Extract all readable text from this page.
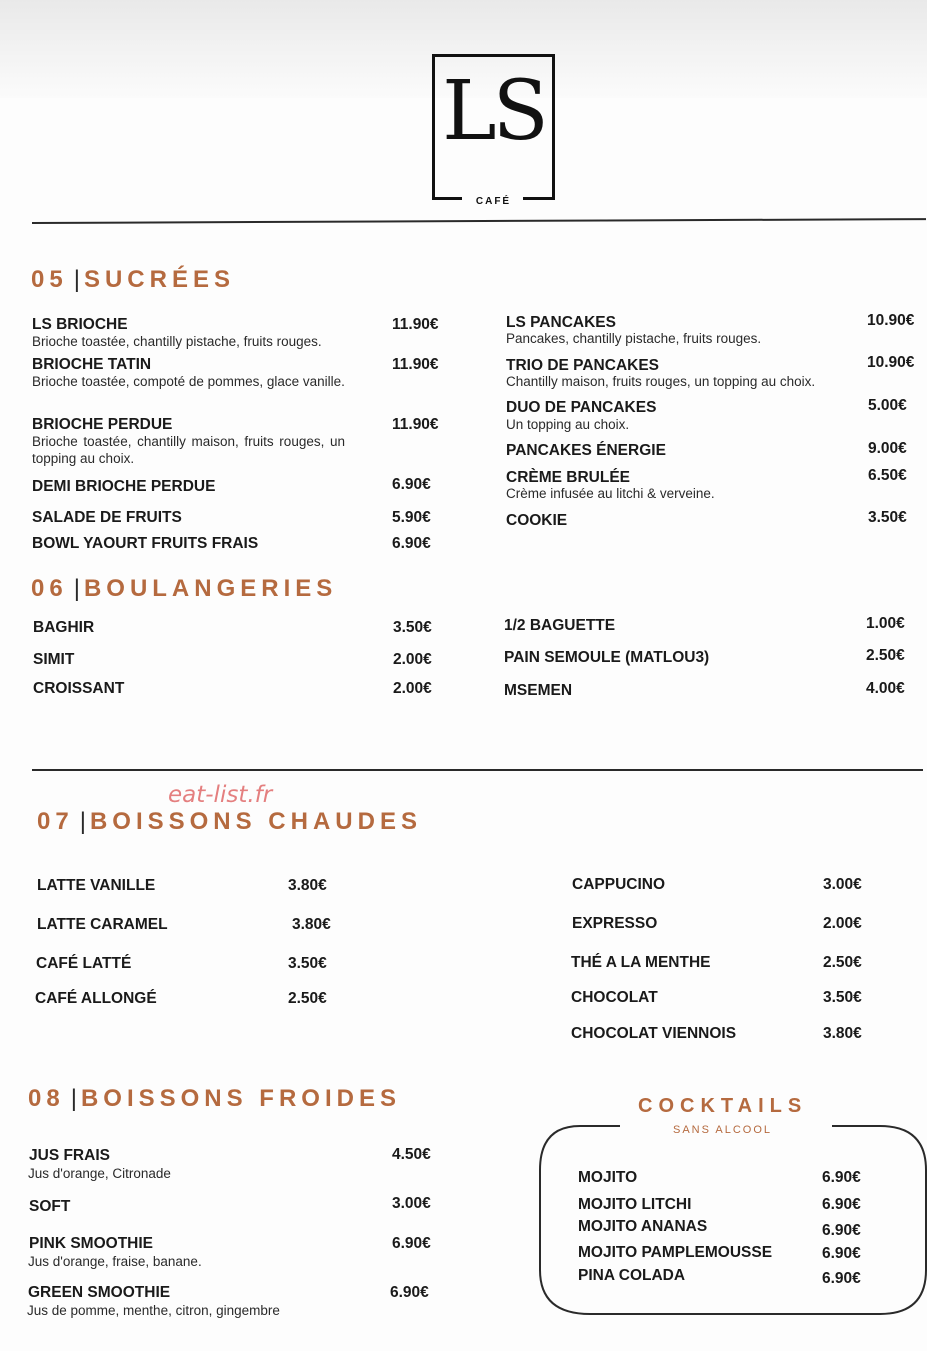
LS
CAFÉ
05 | SUCRÉES
06 | BOULANGERIES
07 | BOISSONS CHAUDES
08 | BOISSONS FROIDES
eat-list.fr
LS BRIOCHE
Brioche toastée, chantilly pistache, fruits rouges.
11.90€
BRIOCHE TATIN
Brioche toastée, compoté de pommes, glace vanille.
11.90€
BRIOCHE PERDUE
Brioche toastée, chantilly maison, fruits rouges, un topping au choix.
11.90€
DEMI BRIOCHE PERDUE	6.90€
SALADE DE FRUITS	5.90€
BOWL YAOURT FRUITS FRAIS	6.90€
LS PANCAKES
Pancakes, chantilly pistache, fruits rouges.
10.90€
TRIO DE PANCAKES
Chantilly maison, fruits rouges, un topping au choix.
10.90€
DUO DE PANCAKES
Un topping au choix.
5.00€
PANCAKES ÉNERGIE	9.00€
CRÈME BRULÉE
Crème infusée au litchi & verveine.
6.50€
COOKIE	3.50€
BAGHIR	3.50€
SIMIT	2.00€
CROISSANT	2.00€
1/2 BAGUETTE	1.00€
PAIN SEMOULE (MATLOU3)	2.50€
MSEMEN	4.00€
LATTE VANILLE	3.80€
LATTE CARAMEL	3.80€
CAFÉ LATTÉ	3.50€
CAFÉ ALLONGÉ	2.50€
CAPPUCINO	3.00€
EXPRESSO	2.00€
THÉ A LA MENTHE	2.50€
CHOCOLAT	3.50€
CHOCOLAT VIENNOIS	3.80€
JUS FRAIS
Jus d'orange, Citronade
4.50€
SOFT	3.00€
PINK SMOOTHIE
Jus d'orange, fraise, banane.
6.90€
GREEN SMOOTHIE
Jus de pomme, menthe, citron, gingembre
6.90€
COCKTAILS
SANS ALCOOL
MOJITO	6.90€
MOJITO LITCHI	6.90€
MOJITO ANANAS	6.90€
MOJITO PAMPLEMOUSSE	6.90€
PINA COLADA	6.90€
